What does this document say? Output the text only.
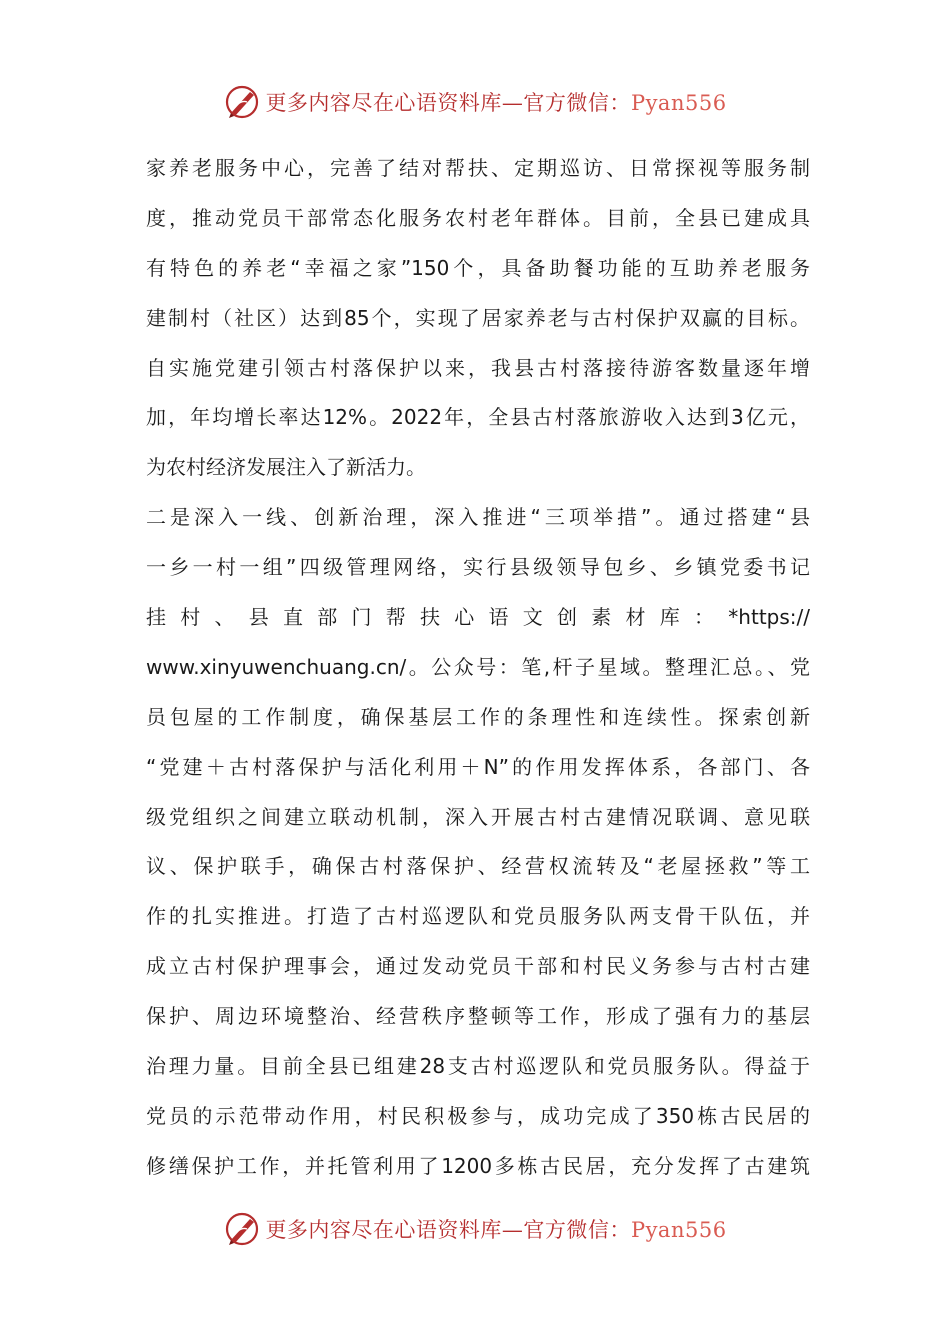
更多内容尽在心语资料库—官方微信：Pyan556
家养老服务中心，完善了结对帮扶、定期巡访、日常探视等服务制
度，推动党员干部常态化服务农村老年群体。目前，全县已建成具
有特色的养老“幸福之家”150个，具备助餐功能的互助养老服务
建制村（社区）达到85个，实现了居家养老与古村保护双赢的目标。
自实施党建引领古村落保护以来，我县古村落接待游客数量逐年增
加，年均增长率达12%。2022年，全县古村落旅游收入达到3亿元，
为农村经济发展注入了新活力。
二是深入一线、创新治理，深入推进“三项举措”。通过搭建“县
一乡一村一组”四级管理网络，实行县级领导包乡、乡镇党委书记
挂村、县直部门帮扶心语文创素材库：*https://
www.xinyuwenchuang.cn/。公众号：笔,杆子星域。整理汇总。、党
员包屋的工作制度，确保基层工作的条理性和连续性。探索创新
“党建＋古村落保护与活化利用＋N”的作用发挥体系，各部门、各
级党组织之间建立联动机制，深入开展古村古建情况联调、意见联
议、保护联手，确保古村落保护、经营权流转及“老屋拯救”等工
作的扎实推进。打造了古村巡逻队和党员服务队两支骨干队伍，并
成立古村保护理事会，通过发动党员干部和村民义务参与古村古建
保护、周边环境整治、经营秩序整顿等工作，形成了强有力的基层
治理力量。目前全县已组建28支古村巡逻队和党员服务队。得益于
党员的示范带动作用，村民积极参与，成功完成了350栋古民居的
修缮保护工作，并托管利用了1200多栋古民居，充分发挥了古建筑
更多内容尽在心语资料库—官方微信：Pyan556
